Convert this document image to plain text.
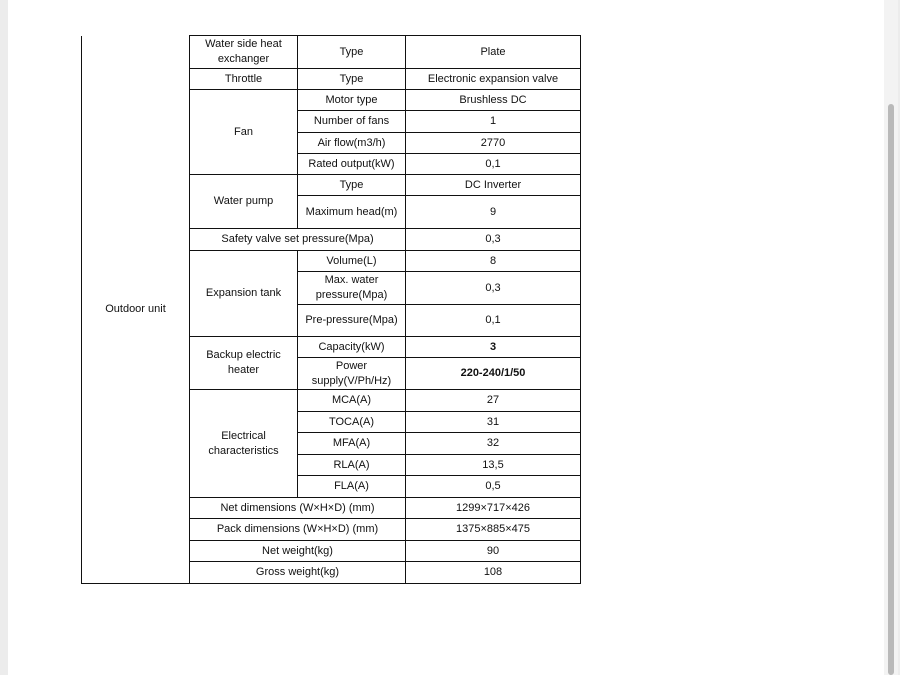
Outdoor unit	Water side heat exchanger	Type	Plate
	Throttle	Type	Electronic expansion valve
	Fan	Motor type	Brushless DC
		Number of fans	1
		Air flow(m3/h)	2770
		Rated output(kW)	0,1
	Water pump	Type	DC Inverter
		Maximum head(m)	9
	Safety valve set pressure(Mpa)		0,3
	Expansion tank	Volume(L)	8
		Max. water pressure(Mpa)	0,3
		Pre-pressure(Mpa)	0,1
	Backup electric heater	Capacity(kW)	3
		Power supply(V/Ph/Hz)	220-240/1/50
	Electrical characteristics	MCA(A)	27
		TOCA(A)	31
		MFA(A)	32
		RLA(A)	13,5
		FLA(A)	0,5
	Net dimensions (W×H×D) (mm)		1299×717×426
	Pack dimensions (W×H×D) (mm)		1375×885×475
	Net weight(kg)		90
	Gross weight(kg)		108
